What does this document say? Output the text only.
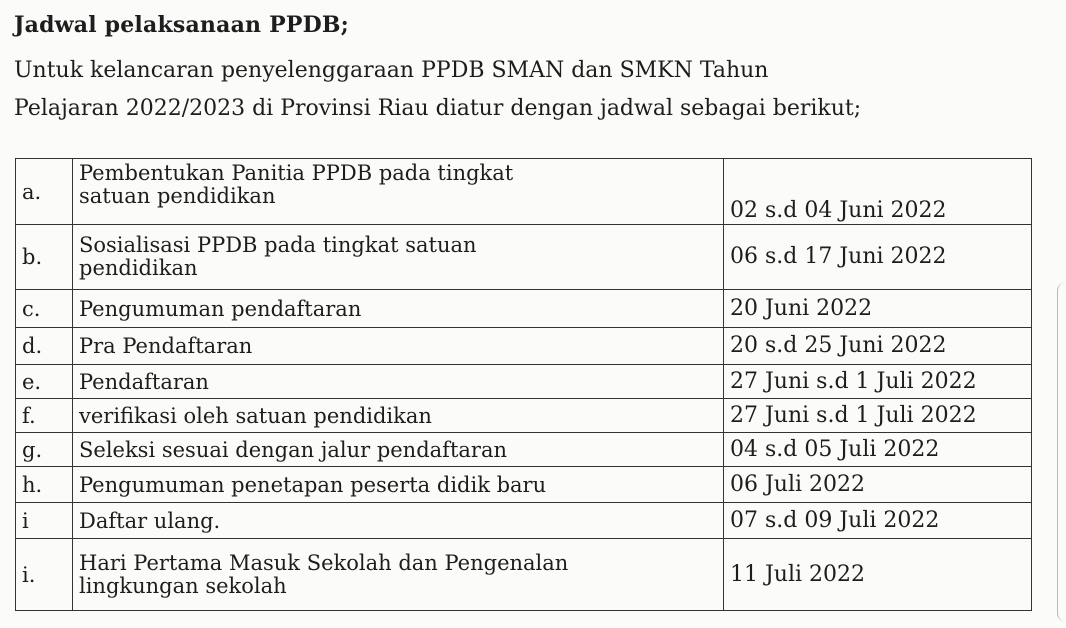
Jadwal pelaksanaan PPDB;
Untuk kelancaran penyelenggaraan PPDB SMAN dan SMKN Tahun
Pelajaran 2022/2023 di Provinsi Riau diatur dengan jadwal sebagai berikut;
a.	Pembentukan Panitia PPDB pada tingkat
satuan pendidikan	02 s.d 04 Juni 2022
b.	Sosialisasi PPDB pada tingkat satuan
pendidikan	06 s.d 17 Juni 2022
c.	Pengumuman pendaftaran	20 Juni 2022
d.	Pra Pendaftaran	20 s.d 25 Juni 2022
e.	Pendaftaran	27 Juni s.d 1 Juli 2022
f.	verifikasi oleh satuan pendidikan	27 Juni s.d 1 Juli 2022
g.	Seleksi sesuai dengan jalur pendaftaran	04 s.d 05 Juli 2022
h.	Pengumuman penetapan peserta didik baru	06 Juli 2022
i	Daftar ulang.	07 s.d 09 Juli 2022
i.	Hari Pertama Masuk Sekolah dan Pengenalan
lingkungan sekolah	11 Juli 2022
